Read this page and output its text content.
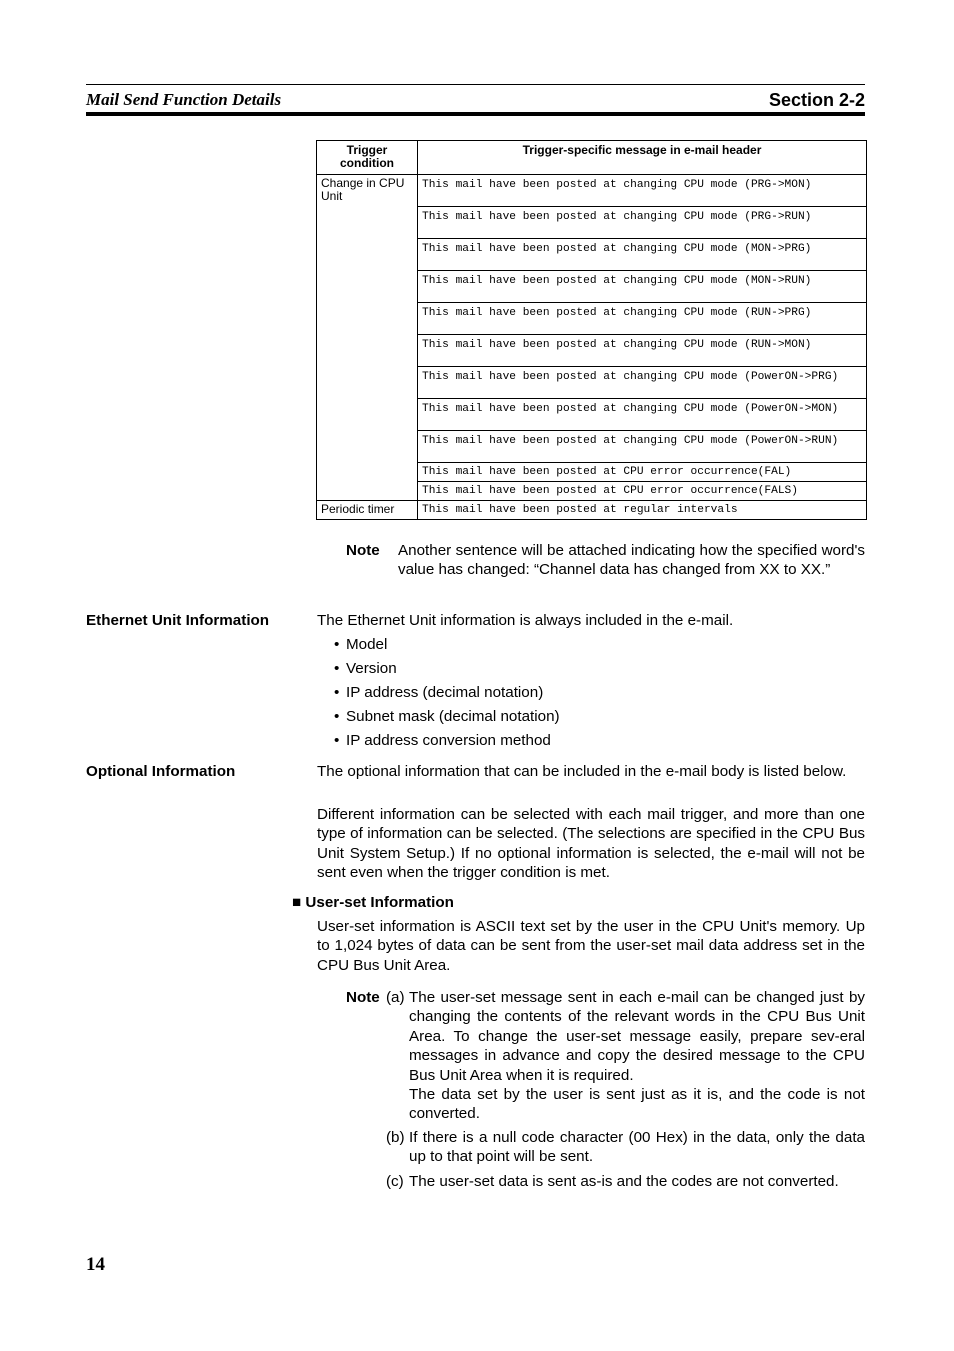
Mail Send Function Details	Section 2-2
Trigger
condition	Trigger-specific message in e-mail header
Change in CPU Unit	This mail have been posted at changing CPU mode (PRG->MON)
	This mail have been posted at changing CPU mode (PRG->RUN)
	This mail have been posted at changing CPU mode (MON->PRG)
	This mail have been posted at changing CPU mode (MON->RUN)
	This mail have been posted at changing CPU mode (RUN->PRG)
	This mail have been posted at changing CPU mode (RUN->MON)
	This mail have been posted at changing CPU mode (PowerON->PRG)
	This mail have been posted at changing CPU mode (PowerON->MON)
	This mail have been posted at changing CPU mode (PowerON->RUN)
	This mail have been posted at CPU error occurrence(FAL)
	This mail have been posted at CPU error occurrence(FALS)
Periodic timer	This mail have been posted at regular intervals
Note	Another sentence will be attached indicating how the specified word's value has changed: “Channel data has changed from XX to XX.”
Ethernet Unit Information	The Ethernet Unit information is always included in the e-mail.
• Model
• Version
• IP address (decimal notation)
• Subnet mask (decimal notation)
• IP address conversion method
Optional Information	The optional information that can be included in the e-mail body is listed below.
Different information can be selected with each mail trigger, and more than one type of information can be selected. (The selections are specified in the CPU Bus Unit System Setup.) If no optional information is selected, the e-mail will not be sent even when the trigger condition is met.
■ User-set Information
User-set information is ASCII text set by the user in the CPU Unit's memory. Up to 1,024 bytes of data can be sent from the user-set mail data address set in the CPU Bus Unit Area.
Note (a) The user-set message sent in each e-mail can be changed just by changing the contents of the relevant words in the CPU Bus Unit Area. To change the user-set message easily, prepare sev-eral messages in advance and copy the desired message to the CPU Bus Unit Area when it is required.
The data set by the user is sent just as it is, and the code is not converted.
(b) If there is a null code character (00 Hex) in the data, only the data up to that point will be sent.
(c) The user-set data is sent as-is and the codes are not converted.
14
